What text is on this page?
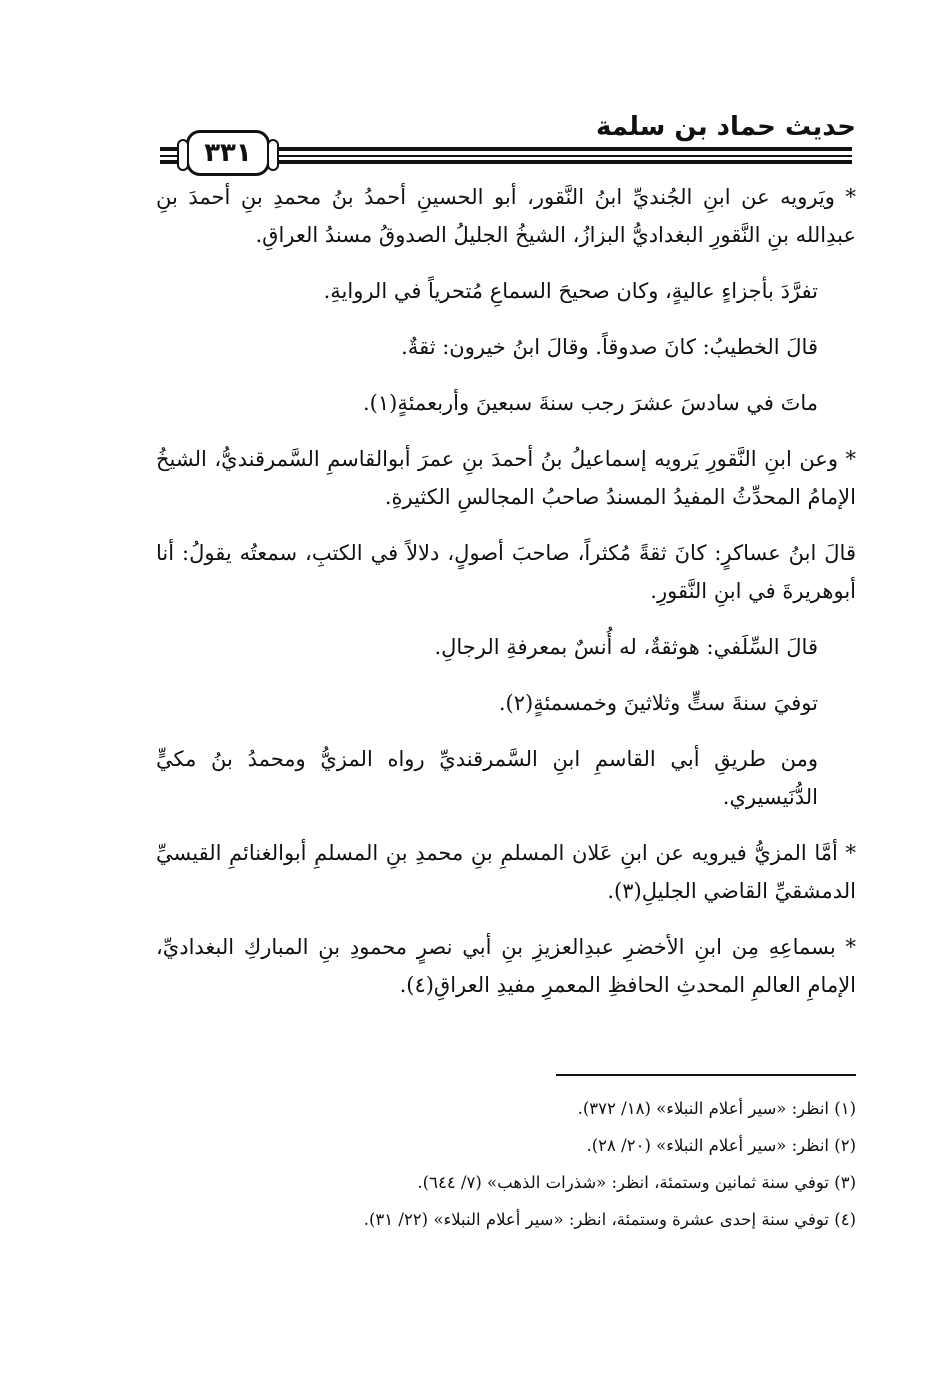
حديث حماد بن سلمة
٣٣١

* ويَرويه عن ابنِ الجُنديِّ ابنُ النَّقور، أبو الحسينِ أحمدُ بنُ محمدِ بنِ أحمدَ بنِ عبدِالله بنِ النَّقورِ البغداديُّ البزازُ، الشيخُ الجليلُ الصدوقُ مسندُ العراقِ.

تفرَّدَ بأجزاءٍ عاليةٍ، وكان صحيحَ السماعِ مُتحرياً في الروايةِ.

قالَ الخطيبُ: كانَ صدوقاً. وقالَ ابنُ خيرون: ثقةٌ.

ماتَ في سادسَ عشرَ رجب سنةَ سبعينَ وأربعمئةٍ(١).

* وعن ابنِ النَّقورِ يَرويه إسماعيلُ بنُ أحمدَ بنِ عمرَ أبوالقاسمِ السَّمرقنديُّ، الشيخُ الإمامُ المحدِّثُ المفيدُ المسندُ صاحبُ المجالسِ الكثيرةِ.

قالَ ابنُ عساكرٍ: كانَ ثقةً مُكثراً، صاحبَ أصولٍ، دلالاً في الكتبِ، سمعتُه يقولُ: أنا أبوهريرةَ في ابنِ النَّقورِ.

قالَ السِّلَفي: هوثقةٌ، له أُنسٌ بمعرفةِ الرجالِ.

توفيَ سنةَ ستٍّ وثلاثينَ وخمسمئةٍ(٢).

ومن طريقِ أبي القاسمِ ابنِ السَّمرقنديِّ رواه المزيُّ ومحمدُ بنُ مكيٍّ الدُّنَيسيري.

* أمَّا المزيُّ فيرويه عن ابنِ عَلان المسلمِ بنِ محمدِ بنِ المسلمِ أبوالغنائمِ القيسيِّ الدمشقيِّ القاضي الجليلِ(٣).

* بسماعِهِ مِن ابنِ الأخضرِ عبدِالعزيزِ بنِ أبي نصرٍ محمودِ بنِ المباركِ البغداديِّ، الإمامِ العالمِ المحدثِ الحافظِ المعمرِ مفيدِ العراقِ(٤).

(١) انظر: «سير أعلام النبلاء» (١٨/ ٣٧٢).

(٢) انظر: «سير أعلام النبلاء» (٢٠/ ٢٨).

(٣) توفي سنة ثمانين وستمئة، انظر: «شذرات الذهب» (٧/ ٦٤٤).

(٤) توفي سنة إحدى عشرة وستمئة، انظر: «سير أعلام النبلاء» (٢٢/ ٣١).
